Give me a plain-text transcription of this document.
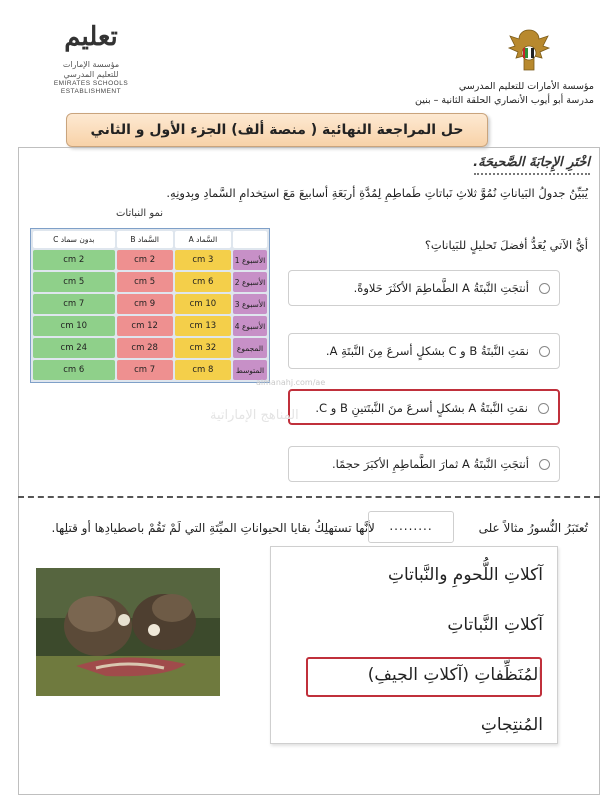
تعليم
مؤسسة الإمارات للتعليم المدرسي
EMIRATES SCHOOLS
ESTABLISHMENT	مؤسسة الأمارات للتعليم المدرسي
مدرسة أبو أيوب الأنصاري الحلقة الثانية – بنين
حل المراجعة النهائية ( منصة ألف) الجزء الأول و الثاني
اخْتَرِ الإِجابَةَ الصَّحيحَةَ.
يُبَيِّنُ جدولُ البَياناتِ نُمُوَّ ثلاثِ نَباتاتِ طَماطِمِ لِمُدَّةِ أربَعَةِ أسابيعَ مَعَ استِخدامِ السَّمادِ وبِدونِهِ.
نمو النباتات
	السَّماد A	السَّماد B	بدون سماد C
الأسبوع 1	3 cm	2 cm	2 cm
الأسبوع 2	6 cm	5 cm	5 cm
الأسبوع 3	10 cm	9 cm	7 cm
الأسبوع 4	13 cm	12 cm	10 cm
المجموع	32 cm	28 cm	24 cm
المتوسط	8 cm	7 cm	6 cm
أيُّ الآتي يُعَدُّ أفضلَ تَحليلٍ للبَياناتِ؟
أنتجَتِ النَّبتَةُ A الطَّماطِمَ الأكثَرَ حَلاوةً.
نمَتِ النَّبتَةُ B و C بشكلٍ أسرعَ مِنَ النَّبتَةِ A.
نمَتِ النَّبتَةُ A بشكلٍ أسرعَ منَ النَّبتَتينِ B و C.
أنتجَتِ النَّبتَةُ A ثمارَ الطَّماطِمِ الأكبَرَ حجمًا.
almanahj.com/ae
المناهج الإماراتية
تُعتَبَرُ النُّسورُ مثالاً على  لأنَّها تستهلِكُ بقايا الحيواناتِ الميِّتَةِ التي لَمْ تَقُمْ باصطيادِها أو قتلِها.	.........
آكلاتِ اللُّحومِ والنَّباتاتِ
آكلاتِ النَّباتاتِ
المُنَظِّفاتِ (آكلاتِ الجيفِ)
المُنتِجاتِ
